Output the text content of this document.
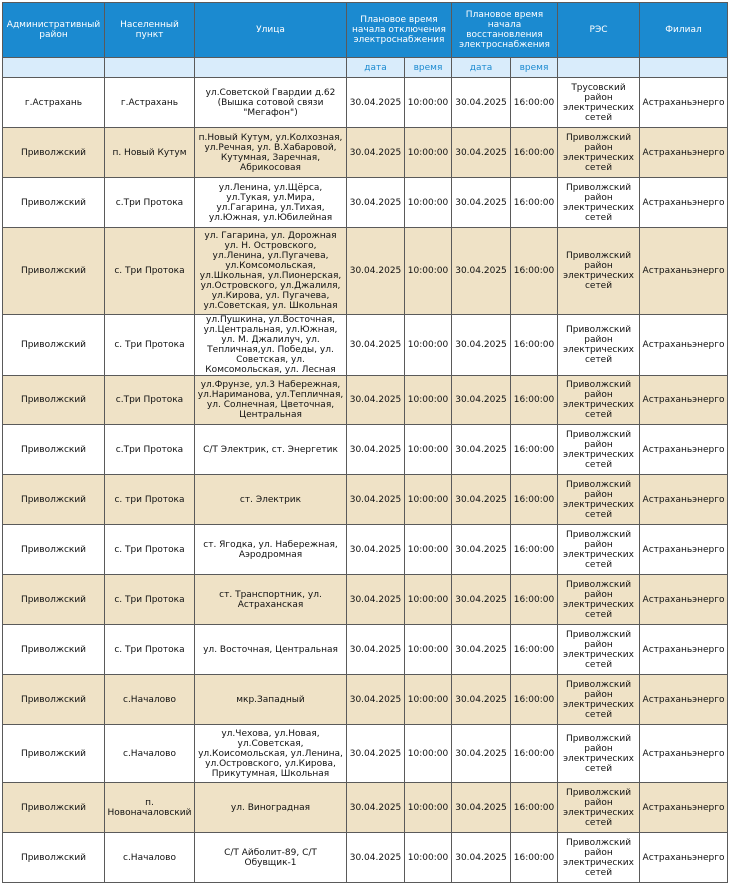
Административный район	Населенный пункт	Улица	Плановое время начала отключения электроснабжения		Плановое время начала восстановления электроснабжения		РЭС	Филиал
			дата	время	дата	время		
г.Астрахань	г.Астрахань	ул.Советской Гвардии д.62 (Вышка сотовой связи "Мегафон")	30.04.2025	10:00:00	30.04.2025	16:00:00	Трусовский район электрических сетей	Астраханьэнерго
Приволжский	п. Новый Кутум	п.Новый Кутум, ул.Колхозная, ул.Речная, ул. В.Хабаровой, Кутумная, Заречная, Абрикосовая	30.04.2025	10:00:00	30.04.2025	16:00:00	Приволжский район электрических сетей	Астраханьэнерго
Приволжский	с.Три Протока	ул.Ленина, ул.Щёрса, ул.Тукая, ул.Мира, ул.Гагарина, ул.Тихая, ул.Южная, ул.Юбилейная	30.04.2025	10:00:00	30.04.2025	16:00:00	Приволжский район электрических сетей	Астраханьэнерго
Приволжский	с. Три Протока	ул. Гагарина, ул. Дорожная ул. Н. Островского, ул.Ленина, ул.Пугачева, ул.Комсомольская, ул.Школьная, ул.Пионерская, ул.Островского, ул.Джалиля, ул.Кирова, ул. Пугачева, ул.Советская, ул. Школьная	30.04.2025	10:00:00	30.04.2025	16:00:00	Приволжский район электрических сетей	Астраханьэнерго
Приволжский	с. Три Протока	ул.Пушкина, ул.Восточная, ул.Центральная, ул.Южная, ул. М. Джалилуч, ул. Тепличная,ул. Победы, ул. Советская, ул. Комсомольская, ул. Лесная	30.04.2025	10:00:00	30.04.2025	16:00:00	Приволжский район электрических сетей	Астраханьэнерго
Приволжский	с.Три Протока	ул.Фрунзе, ул.3 Набережная, ул.Нариманова, ул.Тепличная, ул. Солнечная, Цветочная, Центральная	30.04.2025	10:00:00	30.04.2025	16:00:00	Приволжский район электрических сетей	Астраханьэнерго
Приволжский	с.Три Протока	С/Т Электрик, ст. Энергетик	30.04.2025	10:00:00	30.04.2025	16:00:00	Приволжский район электрических сетей	Астраханьэнерго
Приволжский	с. три Протока	ст. Электрик	30.04.2025	10:00:00	30.04.2025	16:00:00	Приволжский район электрических сетей	Астраханьэнерго
Приволжский	с. Три Протока	ст. Ягодка, ул. Набережная, Аэродромная	30.04.2025	10:00:00	30.04.2025	16:00:00	Приволжский район электрических сетей	Астраханьэнерго
Приволжский	с. Три Протока	ст. Транспортник, ул. Астраханская	30.04.2025	10:00:00	30.04.2025	16:00:00	Приволжский район электрических сетей	Астраханьэнерго
Приволжский	с. Три Протока	ул. Восточная, Центральная	30.04.2025	10:00:00	30.04.2025	16:00:00	Приволжский район электрических сетей	Астраханьэнерго
Приволжский	с.Началово	мкр.Западный	30.04.2025	10:00:00	30.04.2025	16:00:00	Приволжский район электрических сетей	Астраханьэнерго
Приволжский	с.Началово	ул.Чехова, ул.Новая, ул.Советская, ул.Коисомольская, ул.Ленина, ул.Островского, ул.Кирова, Прикутумная, Школьная	30.04.2025	10:00:00	30.04.2025	16:00:00	Приволжский район электрических сетей	Астраханьэнерго
Приволжский	п. Новоначаловский	ул. Виноградная	30.04.2025	10:00:00	30.04.2025	16:00:00	Приволжский район электрических сетей	Астраханьэнерго
Приволжский	с.Началово	С/Т Айболит-89, С/Т Обувщик-1	30.04.2025	10:00:00	30.04.2025	16:00:00	Приволжский район электрических сетей	Астраханьэнерго
